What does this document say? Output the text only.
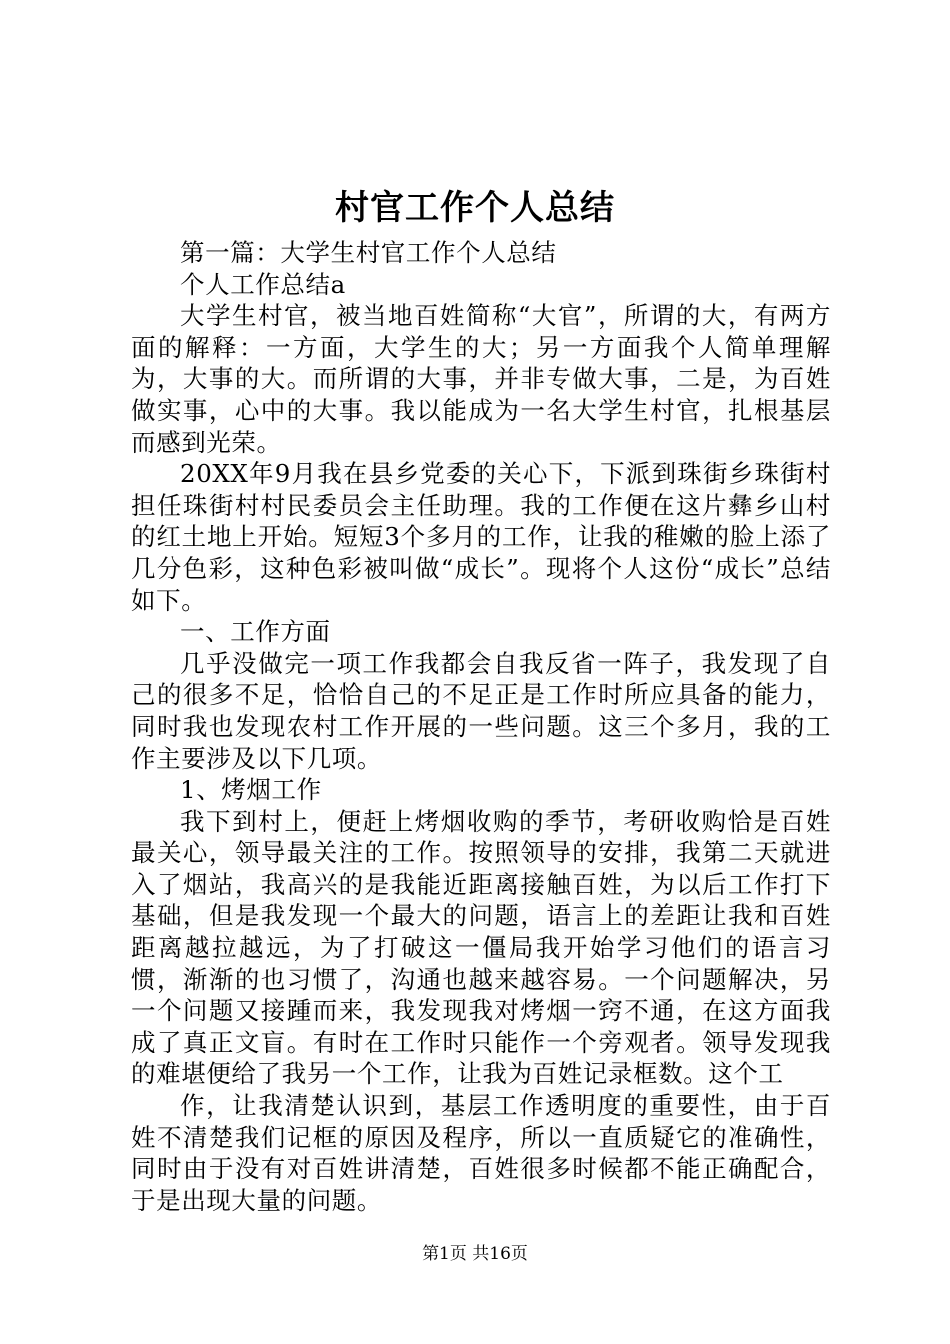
村官工作个人总结

第一篇：大学生村官工作个人总结

个人工作总结a

大学生村官，被当地百姓简称“大官”，所谓的大，有两方面的解释：一方面，大学生的大；另一方面我个人简单理解为，大事的大。而所谓的大事，并非专做大事，二是，为百姓做实事，心中的大事。我以能成为一名大学生村官，扎根基层而感到光荣。

20XX年9月我在县乡党委的关心下，下派到珠街乡珠街村担任珠街村村民委员会主任助理。我的工作便在这片彝乡山村的红土地上开始。短短3个多月的工作，让我的稚嫩的脸上添了几分色彩，这种色彩被叫做“成长”。现将个人这份“成长”总结如下。

一、工作方面

几乎没做完一项工作我都会自我反省一阵子，我发现了自己的很多不足，恰恰自己的不足正是工作时所应具备的能力，同时我也发现农村工作开展的一些问题。这三个多月，我的工作主要涉及以下几项。

1、烤烟工作

我下到村上，便赶上烤烟收购的季节，考研收购恰是百姓最关心，领导最关注的工作。按照领导的安排，我第二天就进入了烟站，我高兴的是我能近距离接触百姓，为以后工作打下基础，但是我发现一个最大的问题，语言上的差距让我和百姓距离越拉越远，为了打破这一僵局我开始学习他们的语言习惯，渐渐的也习惯了，沟通也越来越容易。一个问题解决，另一个问题又接踵而来，我发现我对烤烟一窍不通，在这方面我成了真正文盲。有时在工作时只能作一个旁观者。领导发现我的难堪便给了我另一个工作，让我为百姓记录框数。这个工

作，让我清楚认识到，基层工作透明度的重要性，由于百姓不清楚我们记框的原因及程序，所以一直质疑它的准确性，同时由于没有对百姓讲清楚，百姓很多时候都不能正确配合，于是出现大量的问题。

第1页 共16页
